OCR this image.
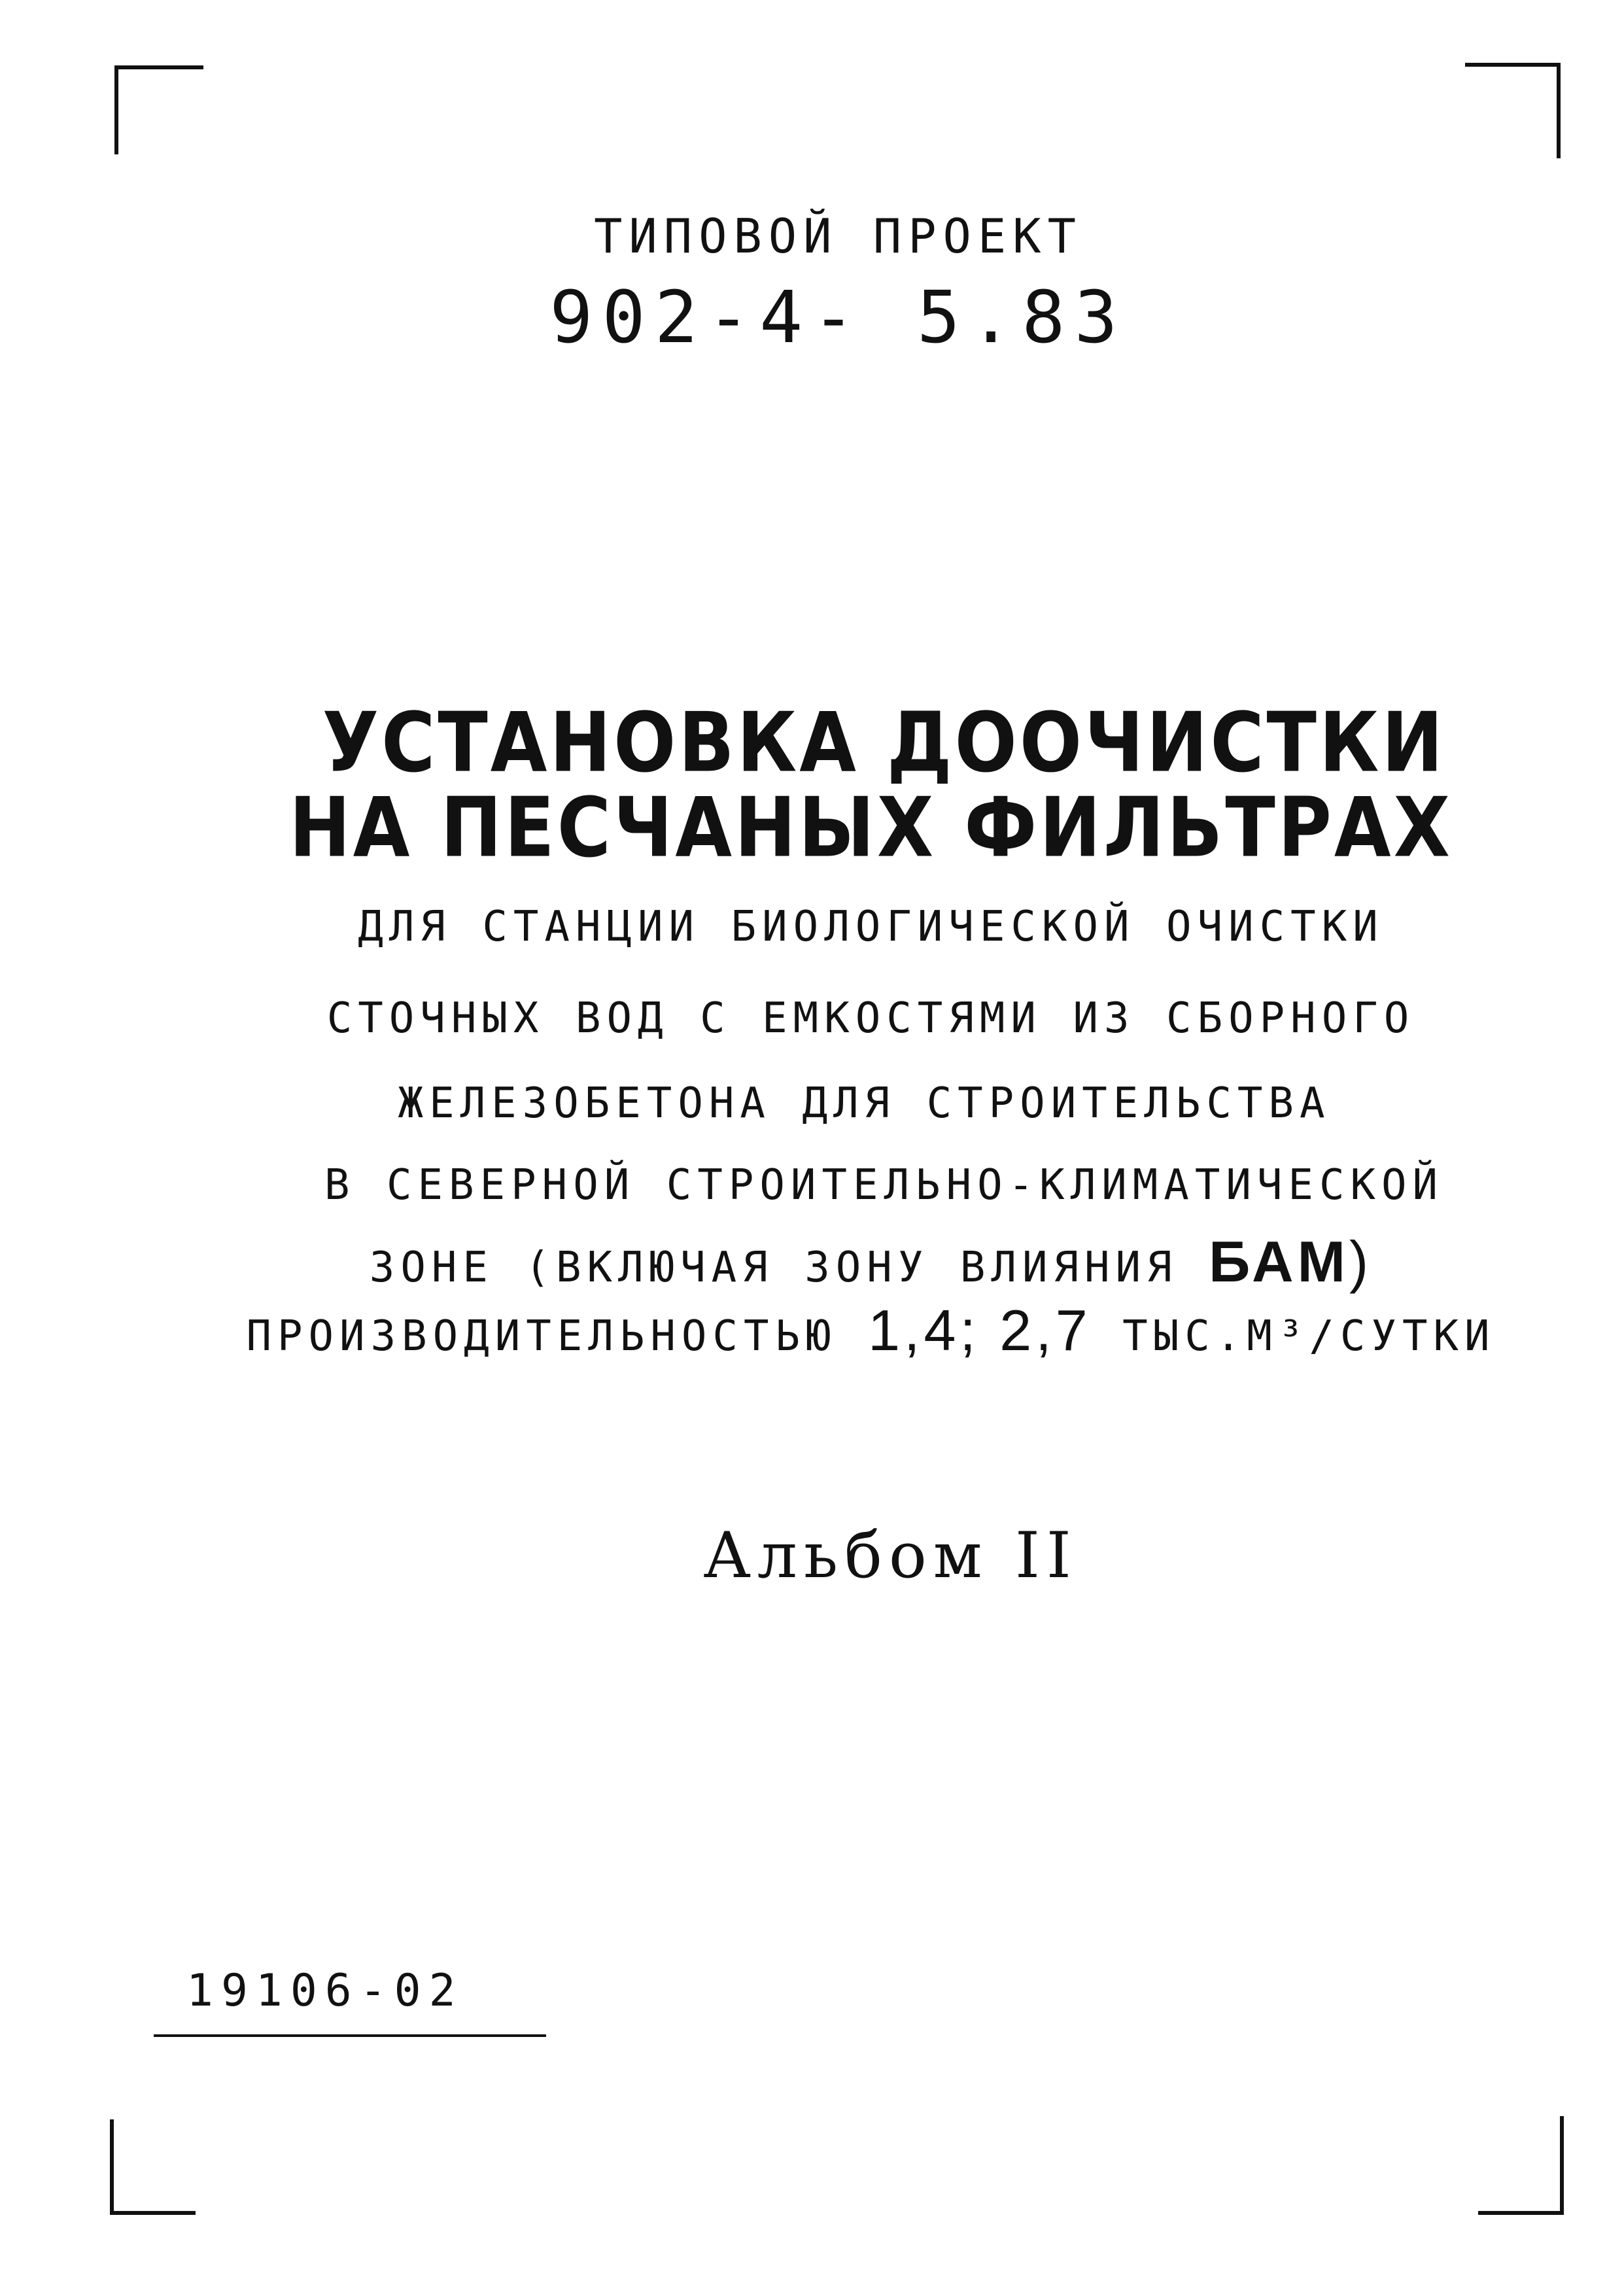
ТИПОВОЙ ПРОЕКТ
902-4- 5.83
УСТАНОВКА ДООЧИСТКИ
НА ПЕСЧАНЫХ ФИЛЬТРАХ
ДЛЯ СТАНЦИИ БИОЛОГИЧЕСКОЙ ОЧИСТКИ
СТОЧНЫХ ВОД С ЕМКОСТЯМИ ИЗ СБОРНОГО
ЖЕЛЕЗОБЕТОНА ДЛЯ СТРОИТЕЛЬСТВА
В СЕВЕРНОЙ СТРОИТЕЛЬНО-КЛИМАТИЧЕСКОЙ
ЗОНЕ (ВКЛЮЧАЯ ЗОНУ ВЛИЯНИЯ БАМ)
ПРОИЗВОДИТЕЛЬНОСТЬЮ 1,4; 2,7 ТЫС.М³/СУТКИ
Альбом II
19106-02
